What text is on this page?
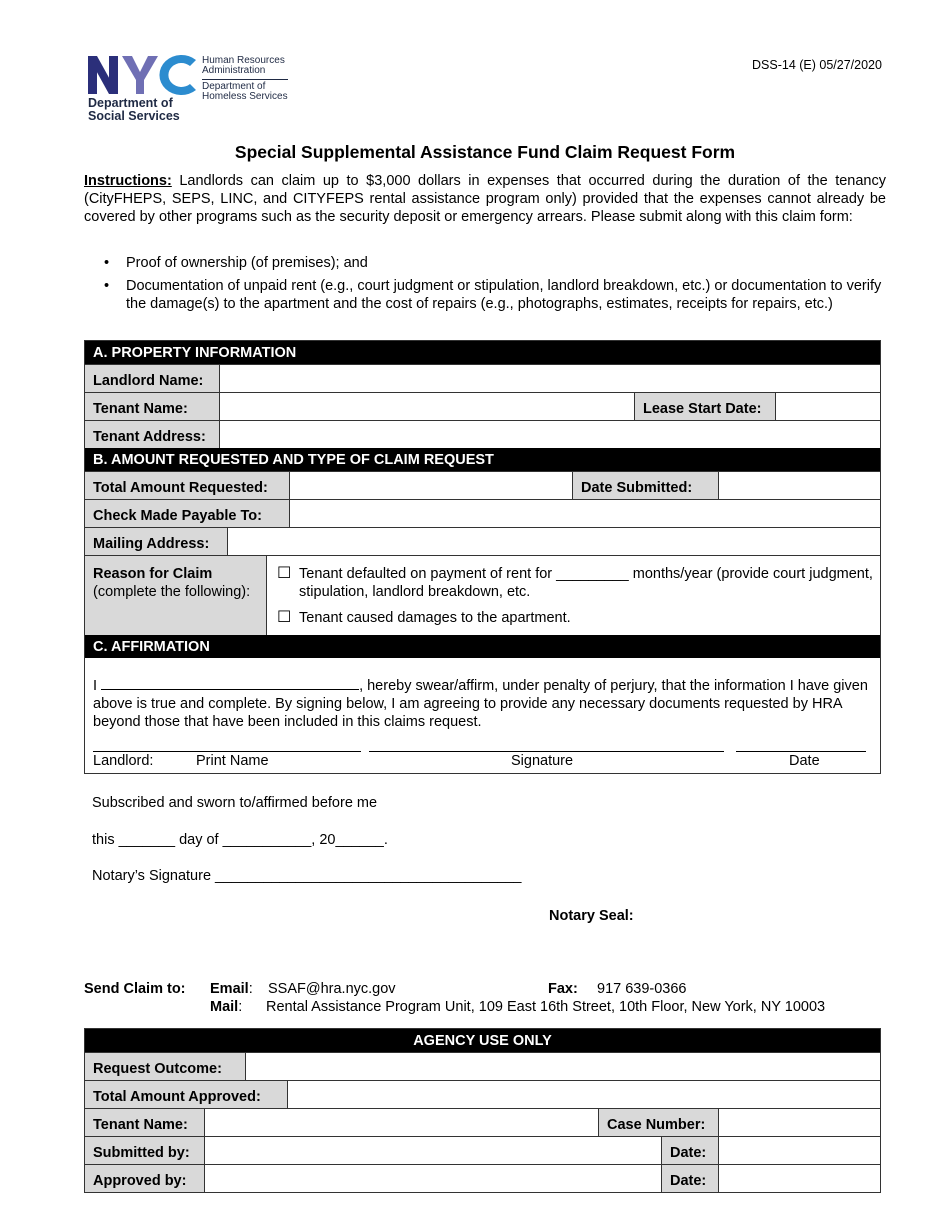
Department of
Social Services
Human Resources
Administration
Department of
Homeless Services
DSS-14 (E) 05/27/2020
Special Supplemental Assistance Fund Claim Request Form
Instructions: Landlords can claim up to $3,000 dollars in expenses that occurred during the duration of the tenancy (CityFHEPS, SEPS, LINC, and CITYFEPS rental assistance program only) provided that the expenses cannot already be covered by other programs such as the security deposit or emergency arrears. Please submit along with this claim form:
• Proof of ownership (of premises); and
• Documentation of unpaid rent (e.g., court judgment or stipulation, landlord breakdown, etc.) or documentation to verify the damage(s) to the apartment and the cost of repairs (e.g., photographs, estimates, receipts for repairs, etc.)
A. PROPERTY INFORMATION
Landlord Name:
Tenant Name:	Lease Start Date:
Tenant Address:
B. AMOUNT REQUESTED AND TYPE OF CLAIM REQUEST
Total Amount Requested:	Date Submitted:
Check Made Payable To:
Mailing Address:
Reason for Claim
(complete the following):
☐ Tenant defaulted on payment of rent for _________ months/year (provide court judgment, stipulation, landlord breakdown, etc.
☐ Tenant caused damages to the apartment.
C. AFFIRMATION
I	, hereby swear/affirm, under penalty of perjury, that the information I have given above is true and complete. By signing below, I am agreeing to provide any necessary documents requested by HRA beyond those that have been included in this claims request.
Landlord:	Print Name	Signature	Date
Subscribed and sworn to/affirmed before me
this _______ day of ___________, 20______.
Notary’s Signature ______________________________________
Notary Seal:
Send Claim to: Email: SSAF@hra.nyc.gov	Fax: 917 639-0366
Mail: Rental Assistance Program Unit, 109 East 16th Street, 10th Floor, New York, NY 10003
AGENCY USE ONLY
Request Outcome:
Total Amount Approved:
Tenant Name:	Case Number:
Submitted by:	Date:
Approved by:	Date:
